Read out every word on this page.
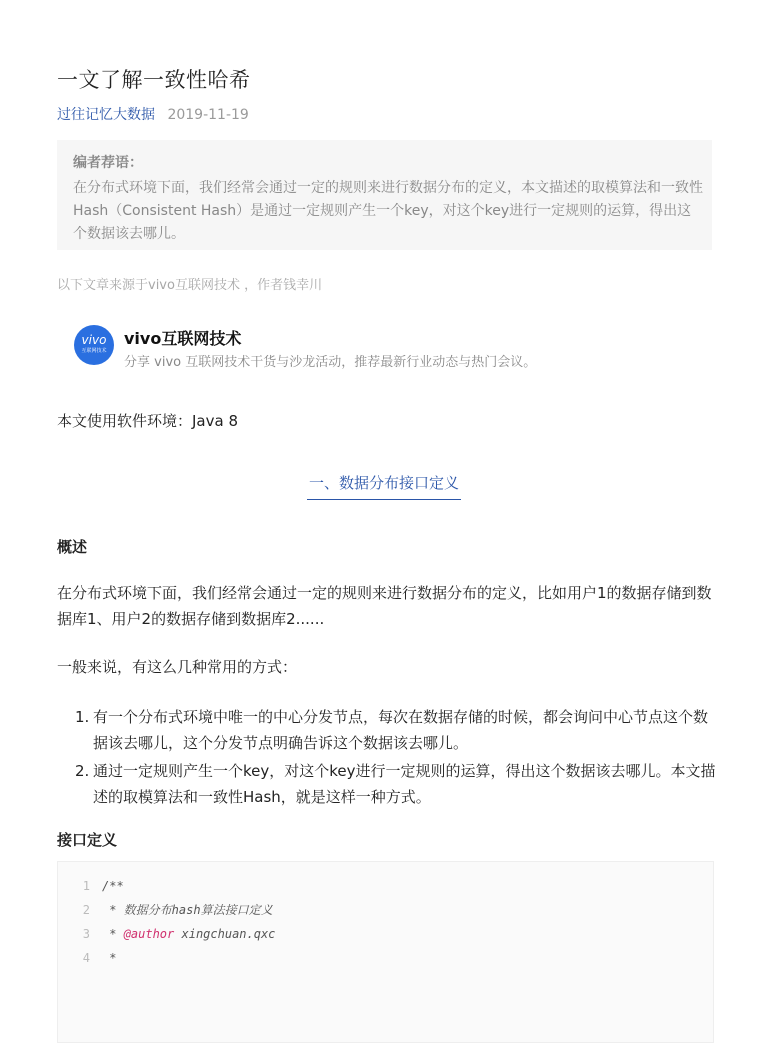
一文了解一致性哈希
过往记忆大数据 2019-11-19
编者荐语：
在分布式环境下面，我们经常会通过一定的规则来进行数据分布的定义，本文描述的取模算法和一致性 Hash（Consistent Hash）是通过一定规则产生一个key，对这个key进行一定规则的运算，得出这个数据该去哪儿。
以下文章来源于vivo互联网技术 ，作者钱幸川
vivo
互联网技术
vivo互联网技术
分享 vivo 互联网技术干货与沙龙活动，推荐最新行业动态与热门会议。
本文使用软件环境：Java 8
一、数据分布接口定义
概述
在分布式环境下面，我们经常会通过一定的规则来进行数据分布的定义，比如用户1的数据存储到数据库1、用户2的数据存储到数据库2......
一般来说，有这么几种常用的方式：
1. 有一个分布式环境中唯一的中心分发节点，每次在数据存储的时候，都会询问中心节点这个数据该去哪儿，这个分发节点明确告诉这个数据该去哪儿。
2. 通过一定规则产生一个key，对这个key进行一定规则的运算，得出这个数据该去哪儿。本文描述的取模算法和一致性Hash，就是这样一种方式。
接口定义
1 /**
2 * 数据分布hash算法接口定义
3 * @author xingchuan.qxc
4 *
